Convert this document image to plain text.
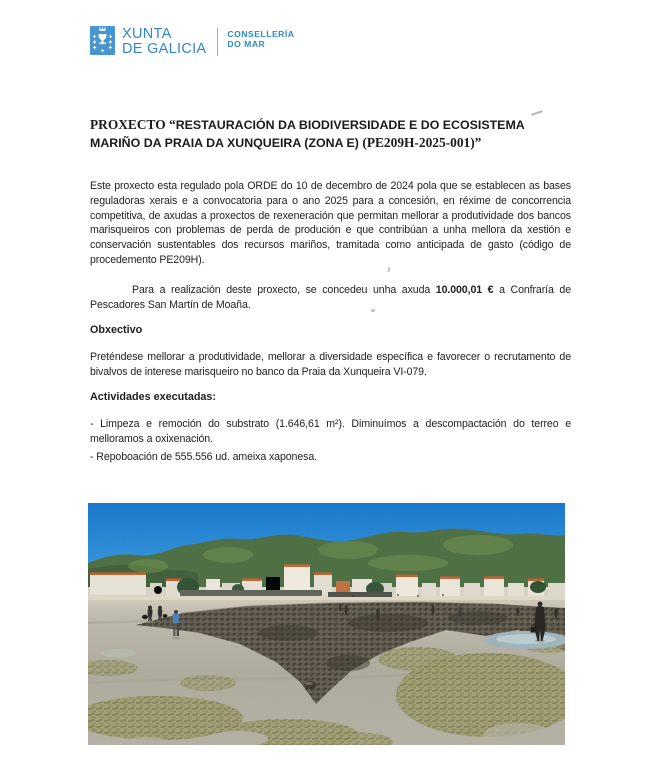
XUNTA
DE GALICIA
CONSELLERÍA
DO MAR
PROXECTO “RESTAURACIÓN DA BIODIVERSIDADE E DO ECOSISTEMA MARIÑO DA PRAIA DA XUNQUEIRA (ZONA E) (PE209H-2025-001)”

Este proxecto esta regulado pola ORDE do 10 de decembro de 2024 pola que se establecen as bases reguladoras xerais e a convocatoria para o ano 2025 para a concesión, en réxime de concorrencia competitiva, de axudas a proxectos de rexeneración que permitan mellorar a produtividade dos bancos marisqueiros con problemas de perda de produción e que contribúan a unha mellora da xestión e conservación sustentables dos recursos mariños, tramitada como anticipada de gasto (código de procedemento PE209H).

Para a realización deste proxecto, se concedeu unha axuda 10.000,01 € a Confraría de Pescadores San Martín de Moaña.

Obxectivo

Preténdese mellorar a produtividade, mellorar a diversidade específica e favorecer o recrutamento de bivalvos de interese marisqueiro no banco da Praia da Xunqueira VI-079.

Actividades executadas:

- Limpeza e remoción do substrato (1.646,61 m²). Diminuímos a descompactación do terreo e melloramos a oxixenación.

- Repoboación de 555.556 ud. ameixa xaponesa.
